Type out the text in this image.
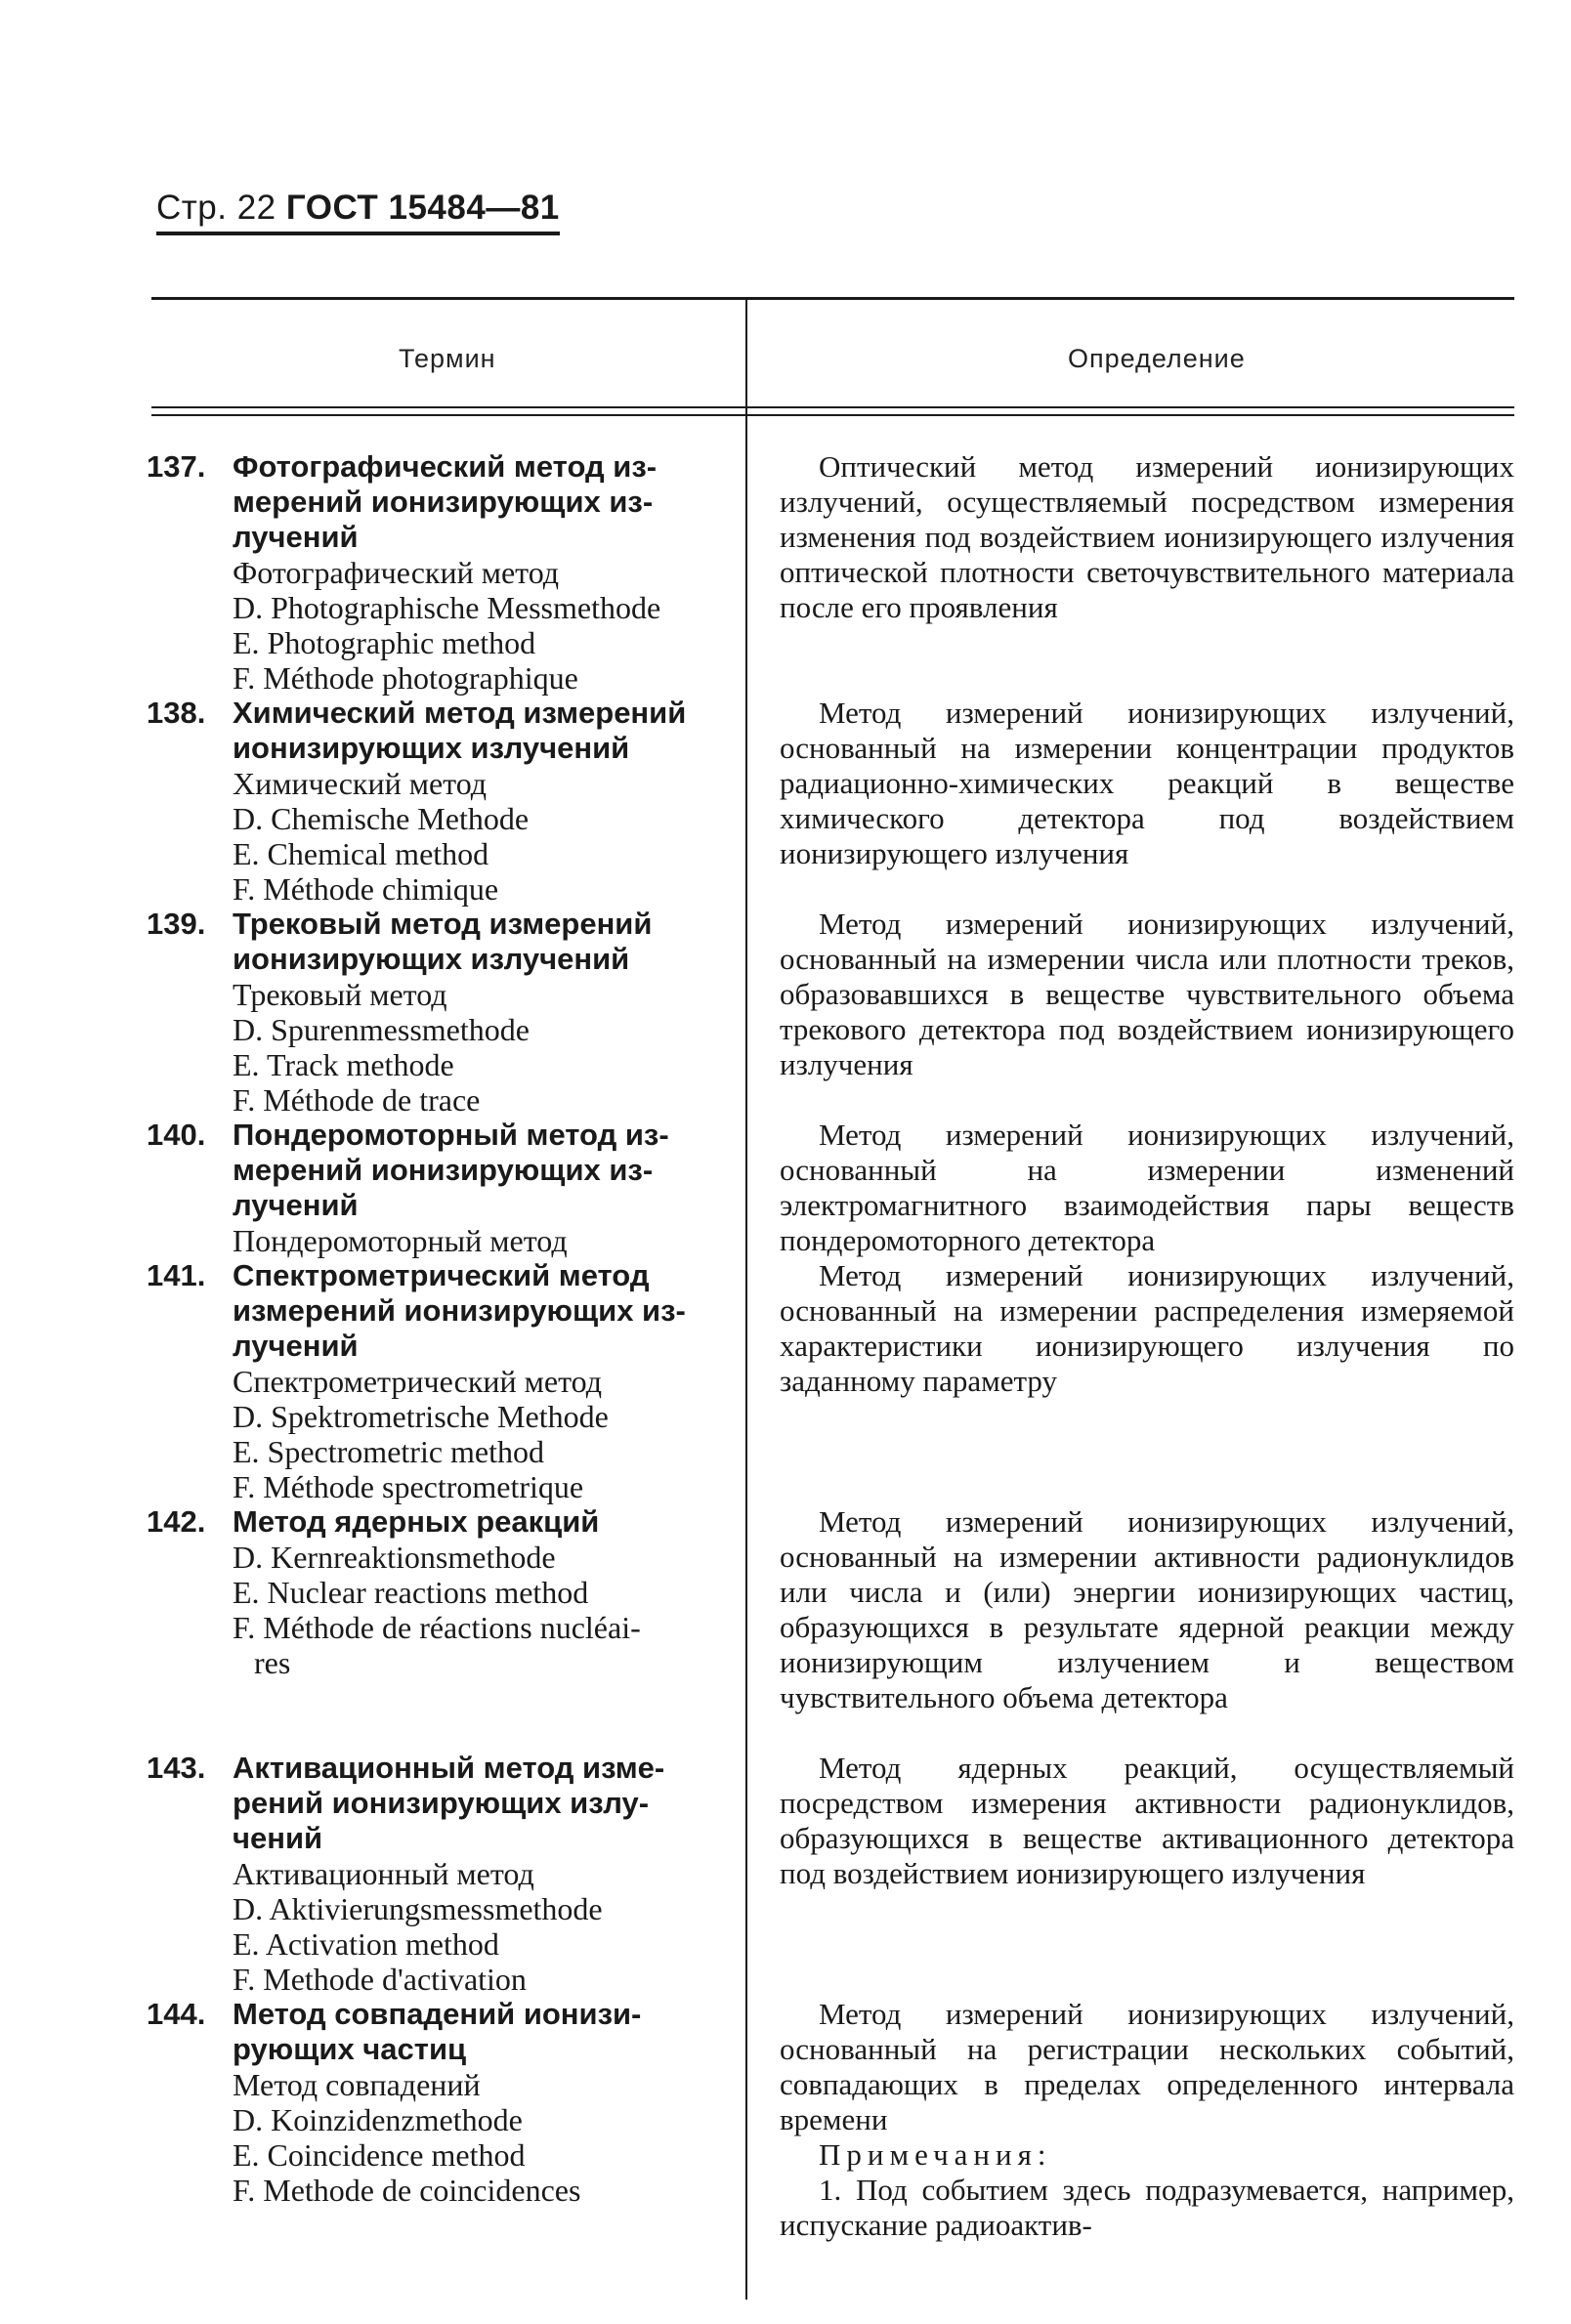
Стр. 22 ГОСТ 15484—81
Термин	Определение
137. Фотографический метод из-
мерений ионизирующих из-
лучений
Фотографический метод
D. Photographische Messmethode
E. Photographic method
F. Méthode photographique
138. Химический метод измерений
ионизирующих излучений
Химический метод
D. Chemische Methode
E. Chemical method
F. Méthode chimique
139. Трековый метод измерений
ионизирующих излучений
Трековый метод
D. Spurenmessmethode
E. Track methode
F. Méthode de trace
140. Пондеромоторный метод из-
мерений ионизирующих из-
лучений
Пондеромоторный метод
141. Спектрометрический метод
измерений ионизирующих из-
лучений
Спектрометрический метод
D. Spektrometrische Methode
E. Spectrometric method
F. Méthode spectrometrique
142. Метод ядерных реакций
D. Kernreaktionsmethode
E. Nuclear reactions method
F. Méthode de réactions nucléai-
res
143. Активационный метод изме-
рений ионизирующих излу-
чений
Активационный метод
D. Aktivierungsmessmethode
E. Activation method
F. Methode d'activation
144. Метод совпадений ионизи-
рующих частиц
Метод совпадений
D. Koinzidenzmethode
E. Coincidence method
F. Methode de coincidences
Оптический метод измерений ионизирующих излучений, осуществляемый посредством измерения изменения под воздействием ионизирующего излучения оптической плотности светочувствительного материала после его проявления
Метод измерений ионизирующих излучений, основанный на измерении концентрации продуктов радиационно-химических реакций в веществе химического детектора под воздействием ионизирующего излучения
Метод измерений ионизирующих излучений, основанный на измерении числа или плотности треков, образовавшихся в веществе чувствительного объема трекового детектора под воздействием ионизирующего излучения
Метод измерений ионизирующих излучений, основанный на измерении изменений электромагнитного взаимодействия пары веществ пондеромоторного детектора
Метод измерений ионизирующих излучений, основанный на измерении распределения измеряемой характеристики ионизирующего излучения по заданному параметру
Метод измерений ионизирующих излучений, основанный на измерении активности радионуклидов или числа и (или) энергии ионизирующих частиц, образующихся в результате ядерной реакции между ионизирующим излучением и веществом чувствительного объема детектора
Метод ядерных реакций, осуществляемый посредством измерения активности радионуклидов, образующихся в веществе активационного детектора под воздействием ионизирующего излучения
Метод измерений ионизирующих излучений, основанный на регистрации нескольких событий, совпадающих в пределах определенного интервала времени
Примечания:
1. Под событием здесь подразумевается, например, испускание радиоактив-
